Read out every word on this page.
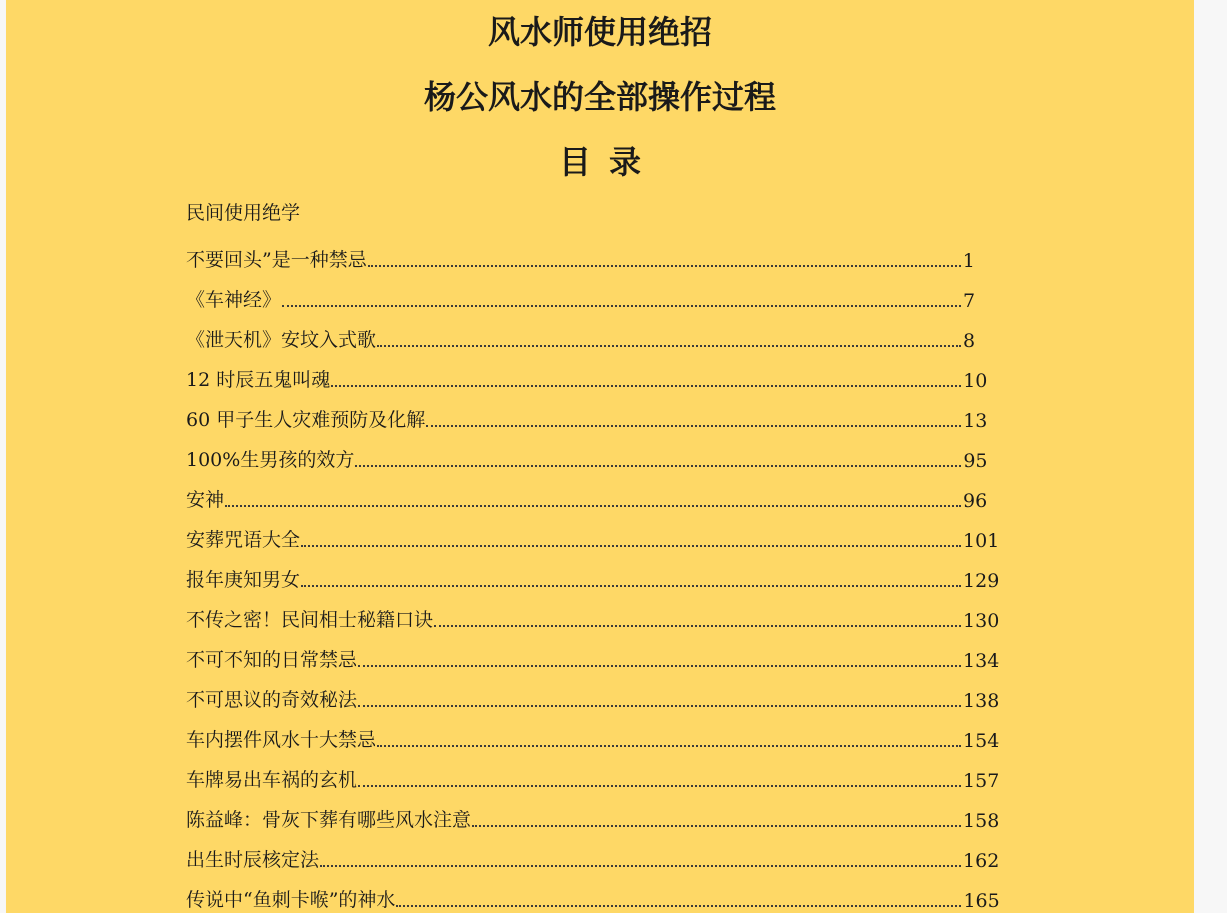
风水师使用绝招
杨公风水的全部操作过程
目录
民间使用绝学
不要回头”是一种禁忌	1
《车神经》	7
《泄天机》安坟入式歌	8
12 时辰五鬼叫魂	10
60 甲子生人灾难预防及化解	13
100%生男孩的效方	95
安神	96
安葬咒语大全	101
报年庚知男女	129
不传之密！民间相士秘籍口诀	130
不可不知的日常禁忌	134
不可思议的奇效秘法	138
车内摆件风水十大禁忌	154
车牌易出车祸的玄机	157
陈益峰：骨灰下葬有哪些风水注意	158
出生时辰核定法	162
传说中“鱼刺卡喉”的神水	165
